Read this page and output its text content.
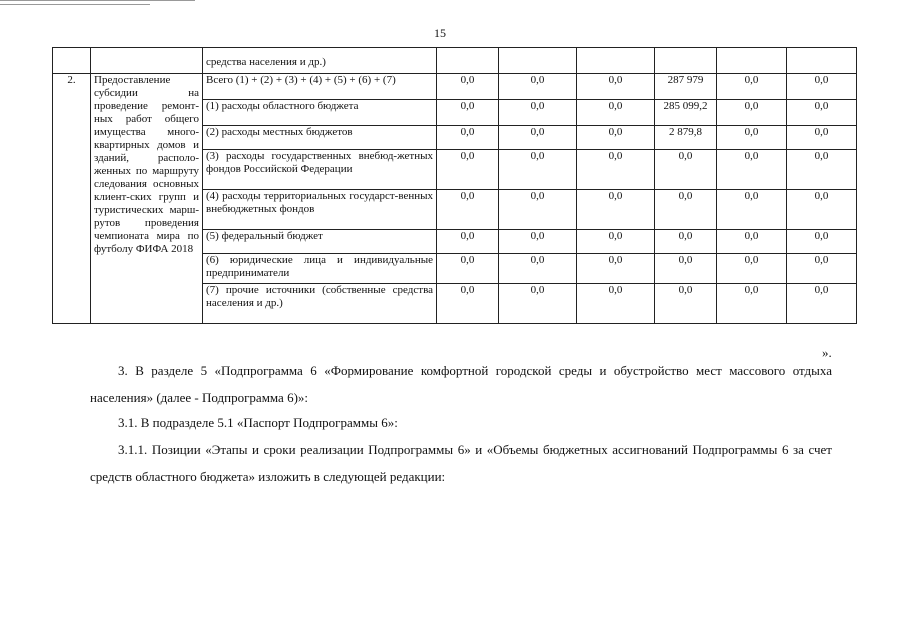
15
		средства населения и др.)						
2.	Предоставление субсидии на проведение ремонт-ных работ общего имущества много-квартирных домов и зданий, располо-женных по маршруту следования основных клиент-ских групп и туристических марш-рутов проведения чемпионата мира по футболу ФИФА 2018	Всего (1) + (2) + (3) + (4) + (5) + (6) + (7)	0,0	0,0	0,0	287 979	0,0	0,0
		(1) расходы областного бюджета	0,0	0,0	0,0	285 099,2	0,0	0,0
		(2) расходы местных бюджетов	0,0	0,0	0,0	2 879,8	0,0	0,0
		(3) расходы государственных внебюд-жетных фондов Российской Федерации	0,0	0,0	0,0	0,0	0,0	0,0
		(4) расходы территориальных государст-венных внебюджетных фондов	0,0	0,0	0,0	0,0	0,0	0,0
		(5) федеральный бюджет	0,0	0,0	0,0	0,0	0,0	0,0
		(6) юридические лица и индивидуальные предприниматели	0,0	0,0	0,0	0,0	0,0	0,0
		(7) прочие источники (собственные средства населения и др.)	0,0	0,0	0,0	0,0	0,0	0,0
».
3. В разделе 5 «Подпрограмма 6 «Формирование комфортной городской среды и обустройство мест массового отдыха населения» (далее - Подпрограмма 6)»:
3.1. В подразделе 5.1 «Паспорт Подпрограммы 6»:
3.1.1. Позиции «Этапы и сроки реализации Подпрограммы 6» и «Объемы бюджетных ассигнований Подпрограммы 6 за счет средств областного бюджета» изложить в следующей редакции:
